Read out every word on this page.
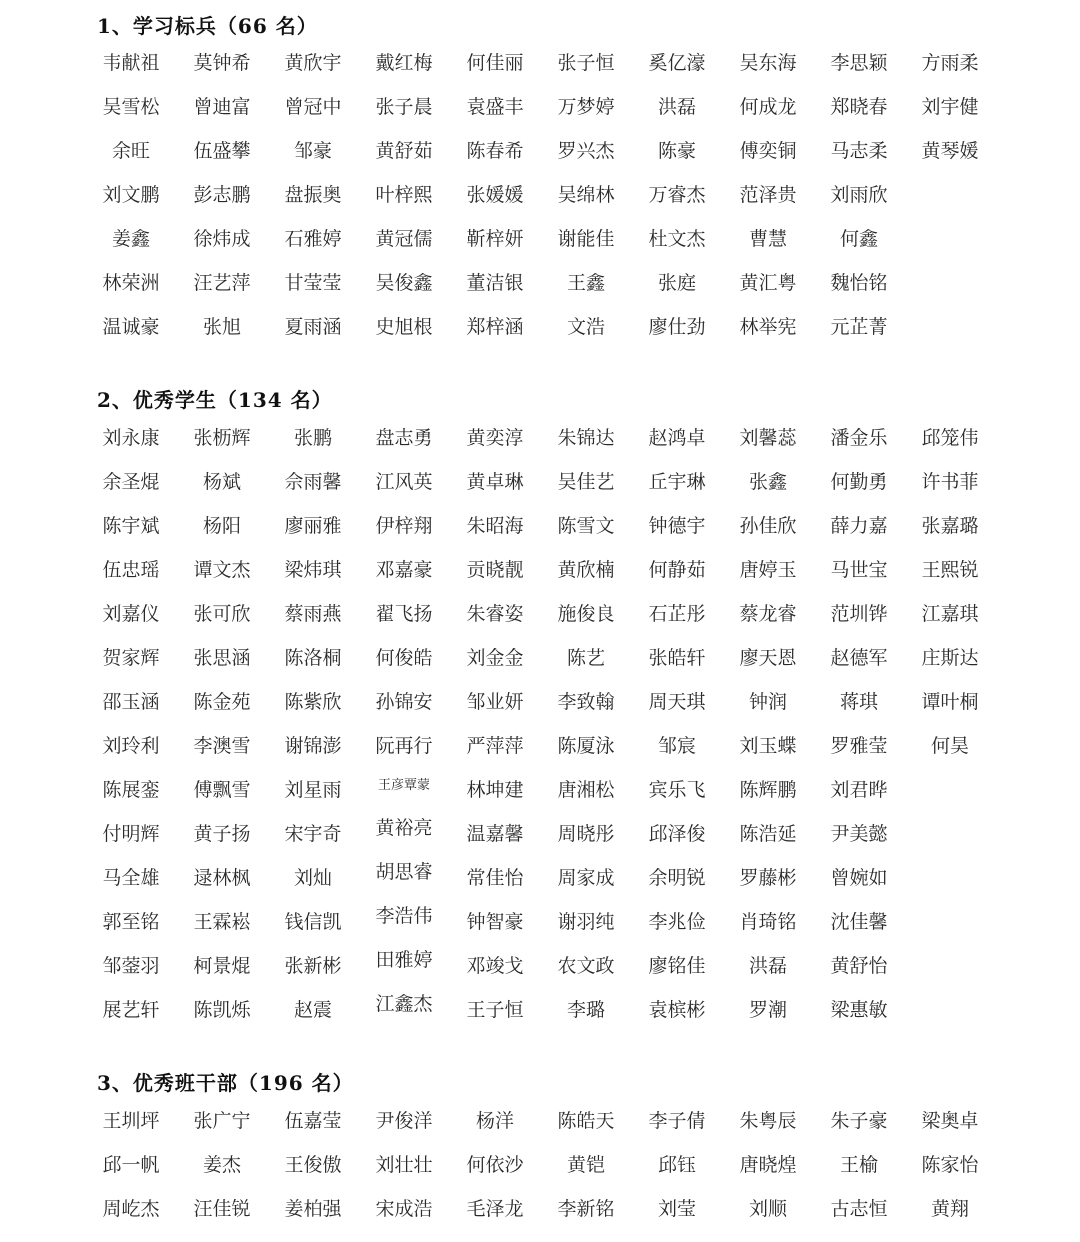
1、学习标兵（66 名）
韦献祖	莫钟希	黄欣宇	戴红梅	何佳丽	张子恒	奚亿濠	吴东海	李思颖	方雨柔
吴雪松	曾迪富	曾冠中	张子晨	袁盛丰	万梦婷	洪磊	何成龙	郑晓春	刘宇健
余旺	伍盛攀	邹豪	黄舒茹	陈春希	罗兴杰	陈豪	傅奕铜	马志柔	黄琴媛
刘文鹏	彭志鹏	盘振奥	叶梓熙	张媛媛	吴绵林	万睿杰	范泽贵	刘雨欣
姜鑫	徐炜成	石雅婷	黄冠儒	靳梓妍	谢能佳	杜文杰	曹慧	何鑫
林荣洲	汪艺萍	甘莹莹	吴俊鑫	董洁银	王鑫	张庭	黄汇粤	魏怡铭
温诚豪	张旭	夏雨涵	史旭根	郑梓涵	文浩	廖仕劲	林举宪	元芷菁
2、优秀学生（134 名）
刘永康	张枥辉	张鹏	盘志勇	黄奕淳	朱锦达	赵鸿卓	刘馨蕊	潘金乐	邱笼伟
余圣焜	杨斌	佘雨馨	江风英	黄卓琳	吴佳艺	丘宇琳	张鑫	何勤勇	许书菲
陈宇斌	杨阳	廖丽雅	伊梓翔	朱昭海	陈雪文	钟德宇	孙佳欣	薛力嘉	张嘉璐
伍忠瑶	谭文杰	梁炜琪	邓嘉豪	贡晓靓	黄欣楠	何静茹	唐婷玉	马世宝	王熙锐
刘嘉仪	张可欣	蔡雨燕	翟飞扬	朱睿姿	施俊良	石芷彤	蔡龙睿	范圳铧	江嘉琪
贺家辉	张思涵	陈洛桐	何俊皓	刘金金	陈艺	张皓轩	廖天恩	赵德军	庄斯达
邵玉涵	陈金苑	陈紫欣	孙锦安	邹业妍	李致翰	周天琪	钟润	蒋琪	谭叶桐
刘玲利	李澳雪	谢锦澎	阮再行	严萍萍	陈厦泳	邹宸	刘玉蝶	罗雅莹	何昊
陈展銮	傅飘雪	刘星雨	王彦覃蒙	林坤建	唐湘松	宾乐飞	陈辉鹏	刘君晔
付明辉	黄子扬	宋宇奇	黄裕亮	温嘉馨	周晓彤	邱泽俊	陈浩延	尹美懿
马全雄	逯林枫	刘灿	胡思睿	常佳怡	周家成	余明锐	罗藤彬	曾婉如
郭至铭	王霖崧	钱信凯	李浩伟	钟智豪	谢羽纯	李兆俭	肖琦铭	沈佳馨
邹蓥羽	柯景焜	张新彬	田雅婷	邓竣戈	农文政	廖铭佳	洪磊	黄舒怡
展艺轩	陈凯烁	赵震	江鑫杰	王子恒	李璐	袁槟彬	罗潮	梁惠敏
3、优秀班干部（196 名）
王圳坪	张广宁	伍嘉莹	尹俊洋	杨洋	陈皓天	李子倩	朱粤辰	朱子豪	梁奥卓
邱一帆	姜杰	王俊傲	刘壮壮	何依沙	黄铠	邱钰	唐晓煌	王榆	陈家怡
周屹杰	汪佳锐	姜柏强	宋成浩	毛泽龙	李新铭	刘莹	刘顺	古志恒	黄翔
